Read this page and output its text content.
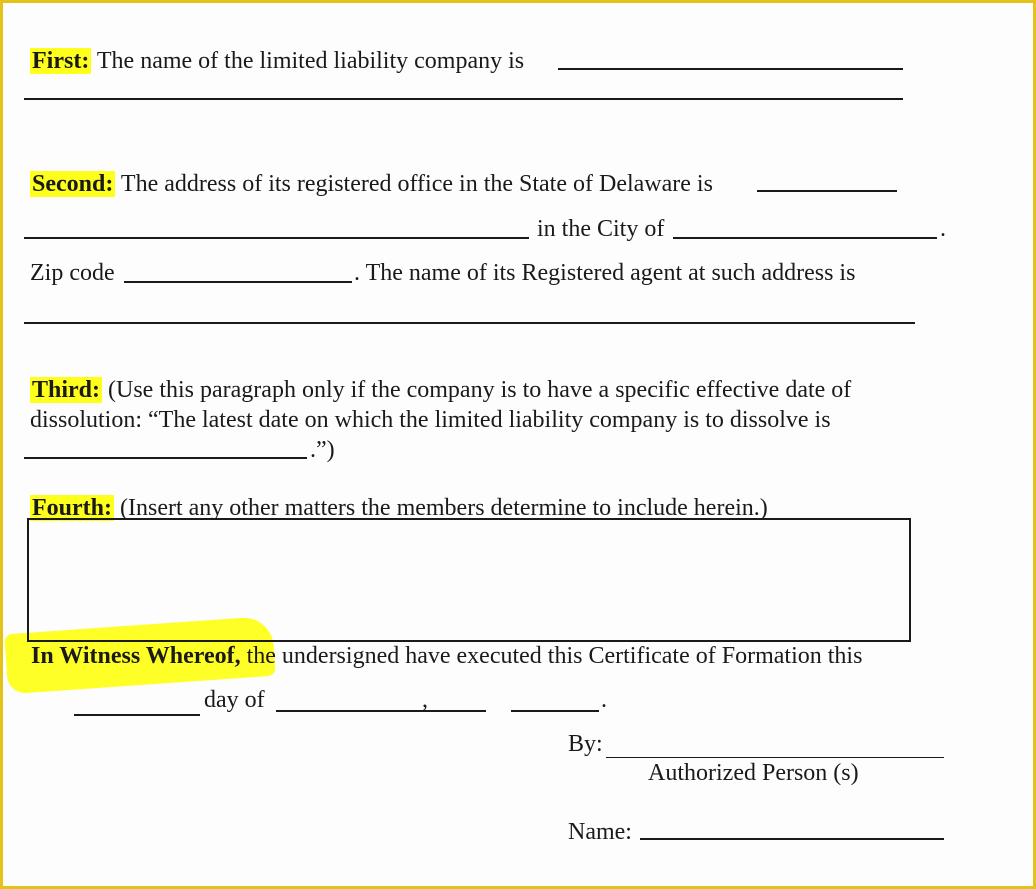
First: The name of the limited liability company is
Second: The address of its registered office in the State of Delaware is
in the City of	.
Zip code	. The name of its Registered agent at such address is
Third: (Use this paragraph only if the company is to have a specific effective date of
dissolution: “The latest date on which the limited liability company is to dissolve is
.”)
Fourth: (Insert any other matters the members determine to include herein.)
In Witness Whereof, the undersigned have executed this Certificate of Formation this
day of	,	.
By:
Authorized Person (s)
Name:
